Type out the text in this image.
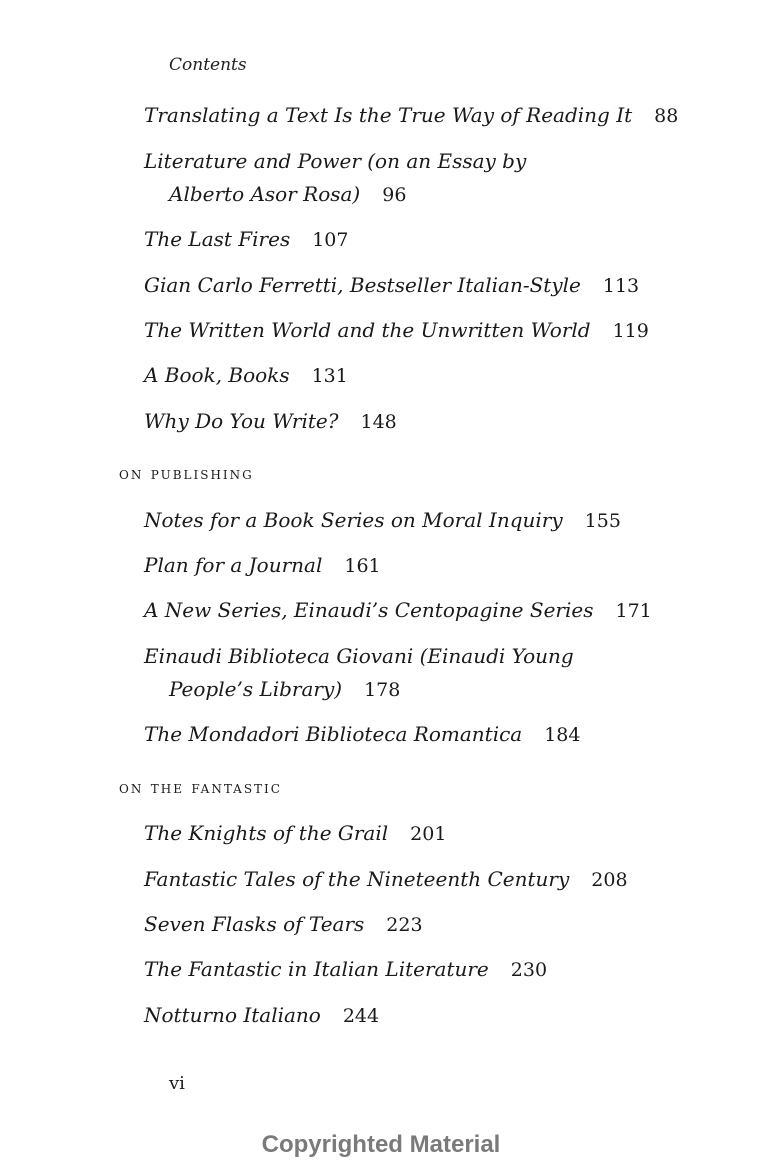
Contents
Translating a Text Is the True Way of Reading It 88
Literature and Power (on an Essay by
Alberto Asor Rosa) 96
The Last Fires 107
Gian Carlo Ferretti, Bestseller Italian-Style 113
The Written World and the Unwritten World 119
A Book, Books 131
Why Do You Write? 148
on publishing
Notes for a Book Series on Moral Inquiry 155
Plan for a Journal 161
A New Series, Einaudi’s Centopagine Series 171
Einaudi Biblioteca Giovani (Einaudi Young
People’s Library) 178
The Mondadori Biblioteca Romantica 184
on the fantastic
The Knights of the Grail 201
Fantastic Tales of the Nineteenth Century 208
Seven Flasks of Tears 223
The Fantastic in Italian Literature 230
Notturno Italiano 244
vi
Copyrighted Material
